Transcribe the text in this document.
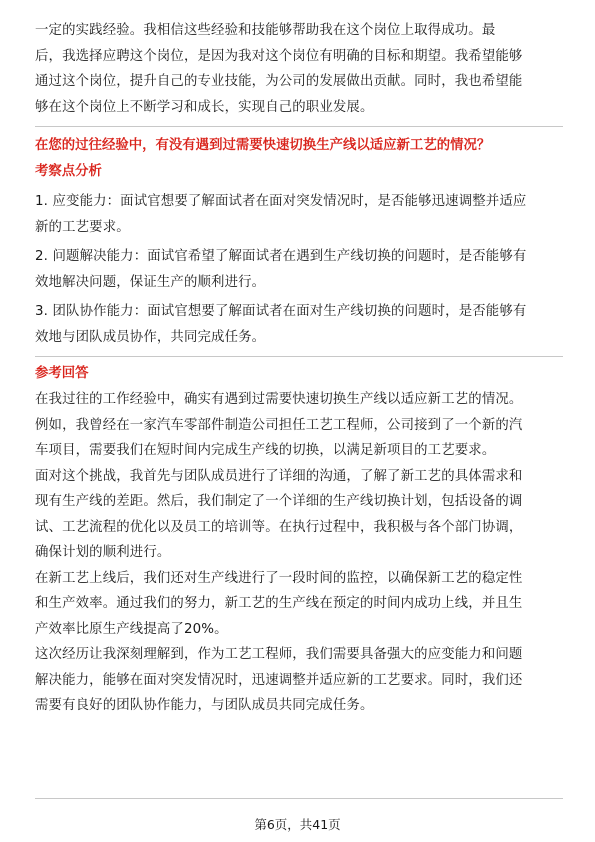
一定的实践经验。我相信这些经验和技能够帮助我在这个岗位上取得成功。最
后，我选择应聘这个岗位，是因为我对这个岗位有明确的目标和期望。我希望能够
通过这个岗位，提升自己的专业技能，为公司的发展做出贡献。同时，我也希望能
够在这个岗位上不断学习和成长，实现自己的职业发展。

在您的过往经验中，有没有遇到过需要快速切换生产线以适应新工艺的情况？

考察点分析

1. 应变能力：面试官想要了解面试者在面对突发情况时，是否能够迅速调整并适应
新的工艺要求。

2. 问题解决能力：面试官希望了解面试者在遇到生产线切换的问题时，是否能够有
效地解决问题，保证生产的顺利进行。

3. 团队协作能力：面试官想要了解面试者在面对生产线切换的问题时，是否能够有
效地与团队成员协作，共同完成任务。

参考回答

在我过往的工作经验中，确实有遇到过需要快速切换生产线以适应新工艺的情况。
例如，我曾经在一家汽车零部件制造公司担任工艺工程师，公司接到了一个新的汽
车项目，需要我们在短时间内完成生产线的切换，以满足新项目的工艺要求。

面对这个挑战，我首先与团队成员进行了详细的沟通，了解了新工艺的具体需求和
现有生产线的差距。然后，我们制定了一个详细的生产线切换计划，包括设备的调
试、工艺流程的优化以及员工的培训等。在执行过程中，我积极与各个部门协调，
确保计划的顺利进行。

在新工艺上线后，我们还对生产线进行了一段时间的监控，以确保新工艺的稳定性
和生产效率。通过我们的努力，新工艺的生产线在预定的时间内成功上线，并且生
产效率比原生产线提高了20%。

这次经历让我深刻理解到，作为工艺工程师，我们需要具备强大的应变能力和问题
解决能力，能够在面对突发情况时，迅速调整并适应新的工艺要求。同时，我们还
需要有良好的团队协作能力，与团队成员共同完成任务。

第6页，共41页
